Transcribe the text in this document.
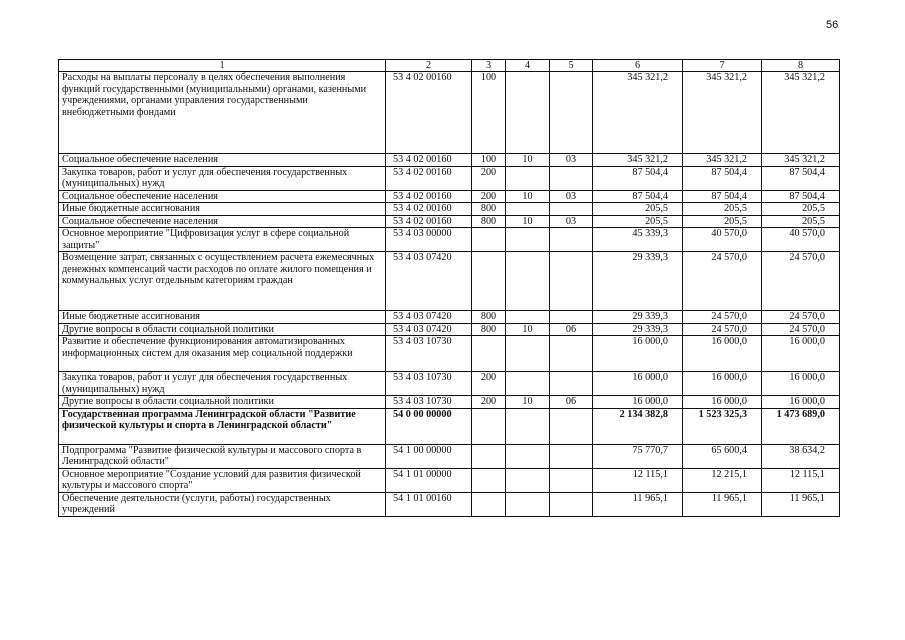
56
1	2	3	4	5	6	7	8
Расходы на выплаты персоналу в целях обеспечения выполнения функций государственными (муниципальными) органами, казенными учреждениями, органами управления государственными внебюджетными фондами	53 4 02 00160	100			345 321,2	345 321,2	345 321,2
Социальное обеспечение населения	53 4 02 00160	100	10	03	345 321,2	345 321,2	345 321,2
Закупка товаров, работ и услуг для обеспечения государственных (муниципальных) нужд	53 4 02 00160	200			87 504,4	87 504,4	87 504,4
Социальное обеспечение населения	53 4 02 00160	200	10	03	87 504,4	87 504,4	87 504,4
Иные бюджетные ассигнования	53 4 02 00160	800			205,5	205,5	205,5
Социальное обеспечение населения	53 4 02 00160	800	10	03	205,5	205,5	205,5
Основное мероприятие "Цифровизация услуг в сфере социальной защиты"	53 4 03 00000				45 339,3	40 570,0	40 570,0
Возмещение затрат, связанных с осуществлением расчета ежемесячных денежных компенсаций части расходов по оплате жилого помещения и коммунальных услуг отдельным категориям граждан	53 4 03 07420				29 339,3	24 570,0	24 570,0
Иные бюджетные ассигнования	53 4 03 07420	800			29 339,3	24 570,0	24 570,0
Другие вопросы в области социальной политики	53 4 03 07420	800	10	06	29 339,3	24 570,0	24 570,0
Развитие и обеспечение функционирования автоматизированных информационных систем для оказания мер социальной поддержки	53 4 03 10730				16 000,0	16 000,0	16 000,0
Закупка товаров, работ и услуг для обеспечения государственных (муниципальных) нужд	53 4 03 10730	200			16 000,0	16 000,0	16 000,0
Другие вопросы в области социальной политики	53 4 03 10730	200	10	06	16 000,0	16 000,0	16 000,0
Государственная программа Ленинградской области "Развитие физической культуры и спорта в Ленинградской области"	54 0 00 00000				2 134 382,8	1 523 325,3	1 473 689,0
Подпрограмма "Развитие физической культуры и массового спорта в Ленинградской области"	54 1 00 00000				75 770,7	65 600,4	38 634,2
Основное мероприятие "Создание условий для развития физической культуры и массового спорта"	54 1 01 00000				12 115,1	12 215,1	12 115,1
Обеспечение деятельности (услуги, работы) государственных учреждений	54 1 01 00160				11 965,1	11 965,1	11 965,1
